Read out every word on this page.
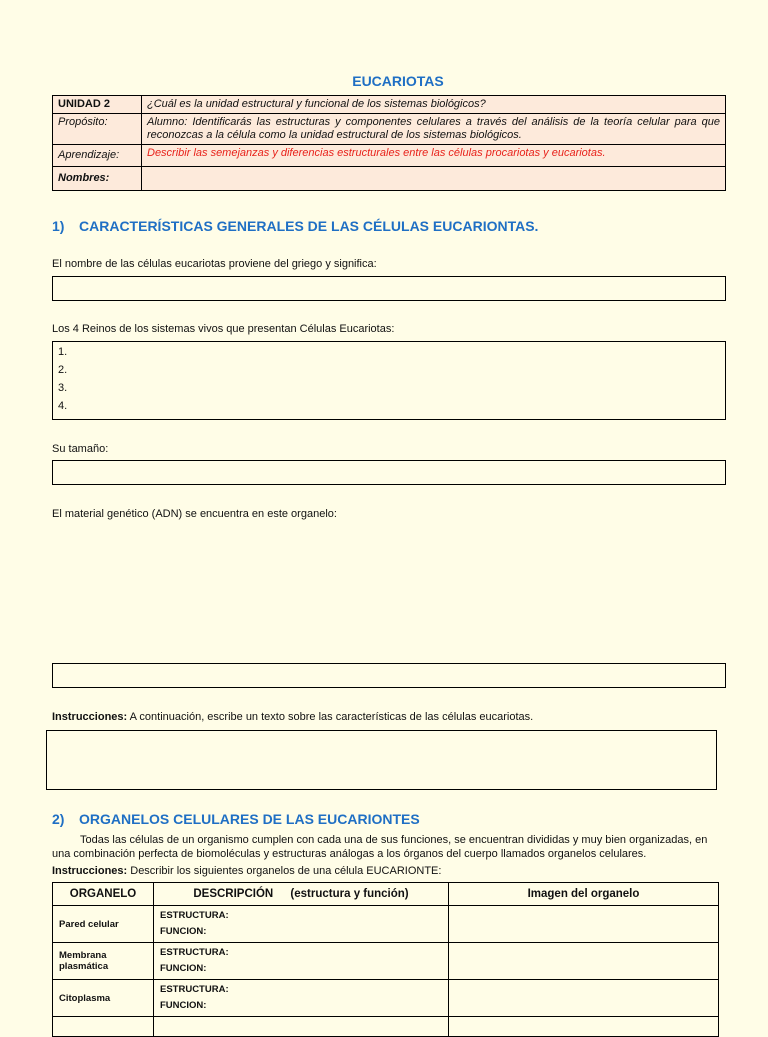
EUCARIOTAS
UNIDAD 2	¿Cuál es la unidad estructural y funcional de los sistemas biológicos?
Propósito:	Alumno: Identificarás las estructuras y componentes celulares a través del análisis de la teoría celular para que reconozcas a la célula como la unidad estructural de los sistemas biológicos.
Aprendizaje:	Describir las semejanzas y diferencias estructurales entre las células procariotas y eucariotas.
Nombres:	
1) CARACTERÍSTICAS GENERALES DE LAS CÉLULAS EUCARIONTAS.
El nombre de las células eucariotas proviene del griego y significa:
Los 4 Reinos de los sistemas vivos que presentan Células Eucariotas:
1.
2.
3.
4.
Su tamaño:
El material genético (ADN) se encuentra en este organelo:
Instrucciones: A continuación, escribe un texto sobre las características de las células eucariotas.
2) ORGANELOS CELULARES DE LAS EUCARIONTES
Todas las células de un organismo cumplen con cada una de sus funciones, se encuentran divididas y muy bien organizadas, en una combinación perfecta de biomoléculas y estructuras análogas a los órganos del cuerpo llamados organelos celulares.
Instrucciones: Describir los siguientes organelos de una célula EUCARIONTE:
ORGANELO	DESCRIPCIÓN (estructura y función)	Imagen del organelo
Pared celular	ESTRUCTURA:
FUNCION:	

Membrana plasmática	ESTRUCTURA:
FUNCION:	

Citoplasma	ESTRUCTURA:
FUNCION:	
